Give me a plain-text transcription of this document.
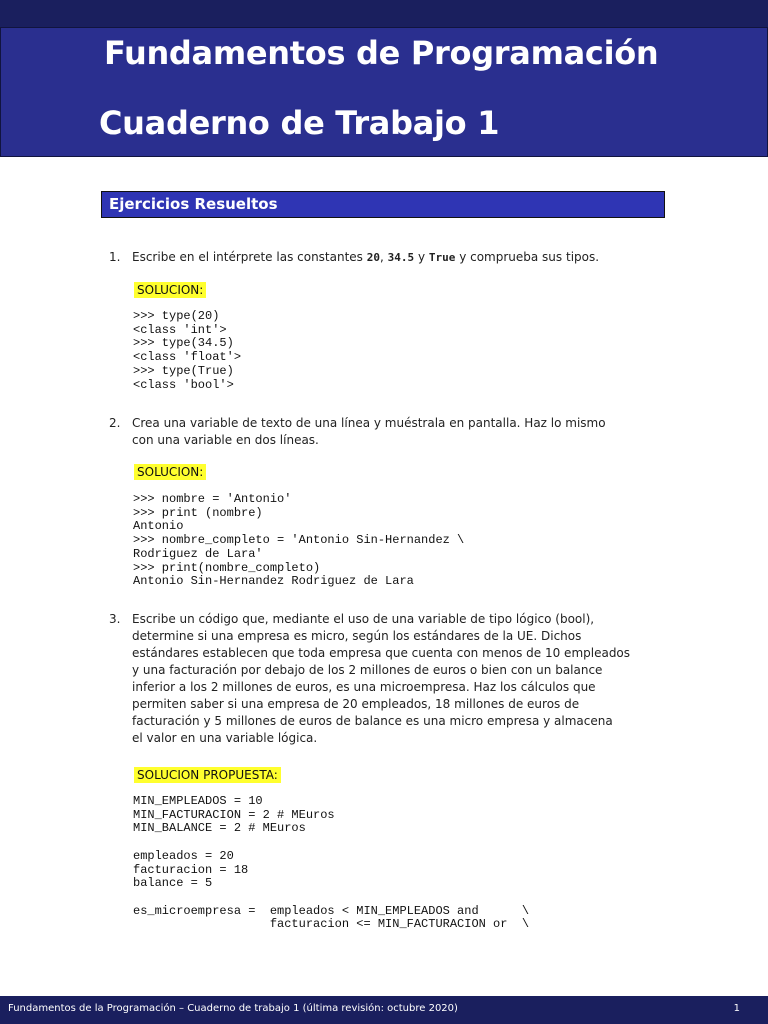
Fundamentos de Programación
Cuaderno de Trabajo 1
Ejercicios Resueltos
1. Escribe en el intérprete las constantes 20, 34.5 y True y comprueba sus tipos.
SOLUCION:
>>> type(20)
<class 'int'>
>>> type(34.5)
<class 'float'>
>>> type(True)
<class 'bool'>
2. Crea una variable de texto de una línea y muéstrala en pantalla. Haz lo mismo
con una variable en dos líneas.
SOLUCION:
>>> nombre = 'Antonio'
>>> print (nombre)
Antonio
>>> nombre_completo = 'Antonio Sin-Hernandez \
Rodriguez de Lara'
>>> print(nombre_completo)
Antonio Sin-Hernandez Rodriguez de Lara
3. Escribe un código que, mediante el uso de una variable de tipo lógico (bool),
determine si una empresa es micro, según los estándares de la UE. Dichos
estándares establecen que toda empresa que cuenta con menos de 10 empleados
y una facturación por debajo de los 2 millones de euros o bien con un balance
inferior a los 2 millones de euros, es una microempresa. Haz los cálculos que
permiten saber si una empresa de 20 empleados, 18 millones de euros de
facturación y 5 millones de euros de balance es una micro empresa y almacena
el valor en una variable lógica.
SOLUCION PROPUESTA:
MIN_EMPLEADOS = 10
MIN_FACTURACION = 2 # MEuros
MIN_BALANCE = 2 # MEuros

empleados = 20
facturacion = 18
balance = 5

es_microempresa =  empleados < MIN_EMPLEADOS and      \
facturacion <= MIN_FACTURACION or  \
Fundamentos de la Programación – Cuaderno de trabajo 1 (última revisión: octubre 2020)	1
